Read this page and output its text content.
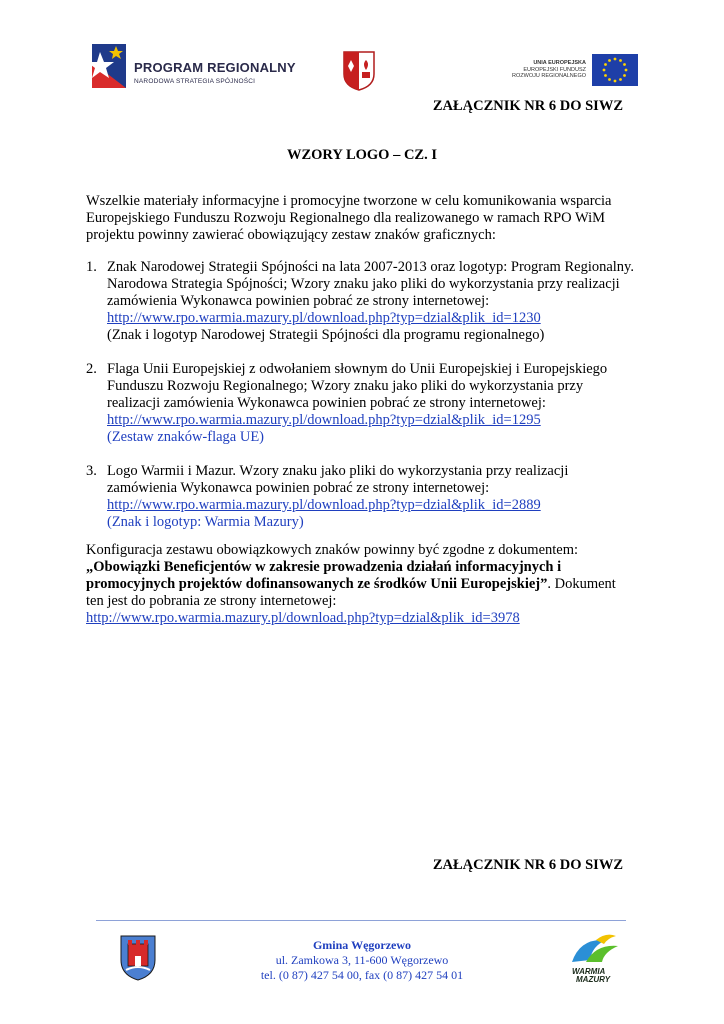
PROGRAM REGIONALNY
NARODOWA STRATEGIA SPÓJNOŚCI
UNIA EUROPEJSKA
EUROPEJSKI FUNDUSZ
ROZWOJU REGIONALNEGO
ZAŁĄCZNIK NR 6 DO SIWZ
WZORY LOGO – CZ. I
Wszelkie materiały informacyjne i promocyjne tworzone w celu komunikowania wsparcia Europejskiego Funduszu Rozwoju Regionalnego dla realizowanego w ramach RPO WiM projektu powinny zawierać obowiązujący zestaw znaków graficznych:
1. Znak Narodowej Strategii Spójności na lata 2007-2013 oraz logotyp: Program Regionalny. Narodowa Strategia Spójności; Wzory znaku jako pliki do wykorzystania przy realizacji zamówienia Wykonawca powinien pobrać ze strony internetowej:
http://www.rpo.warmia.mazury.pl/download.php?typ=dzial&plik_id=1230
(Znak i logotyp Narodowej Strategii Spójności dla programu regionalnego)
2. Flaga Unii Europejskiej z odwołaniem słownym do Unii Europejskiej i Europejskiego Funduszu Rozwoju Regionalnego; Wzory znaku jako pliki do wykorzystania przy realizacji zamówienia Wykonawca powinien pobrać ze strony internetowej:
http://www.rpo.warmia.mazury.pl/download.php?typ=dzial&plik_id=1295
(Zestaw znaków-flaga UE)
3. Logo Warmii i Mazur. Wzory znaku jako pliki do wykorzystania przy realizacji zamówienia Wykonawca powinien pobrać ze strony internetowej:
http://www.rpo.warmia.mazury.pl/download.php?typ=dzial&plik_id=2889
(Znak i logotyp: Warmia Mazury)
Konfiguracja zestawu obowiązkowych znaków powinny być zgodne z dokumentem: „Obowiązki Beneficjentów w zakresie prowadzenia działań informacyjnych i promocyjnych projektów dofinansowanych ze środków Unii Europejskiej”. Dokument ten jest do pobrania ze strony internetowej:
http://www.rpo.warmia.mazury.pl/download.php?typ=dzial&plik_id=3978
ZAŁĄCZNIK NR 6 DO SIWZ
Gmina Węgorzewo
ul. Zamkowa 3, 11-600 Węgorzewo
tel. (0 87) 427 54 00, fax (0 87) 427 54 01	WARMIA
MAZURY
